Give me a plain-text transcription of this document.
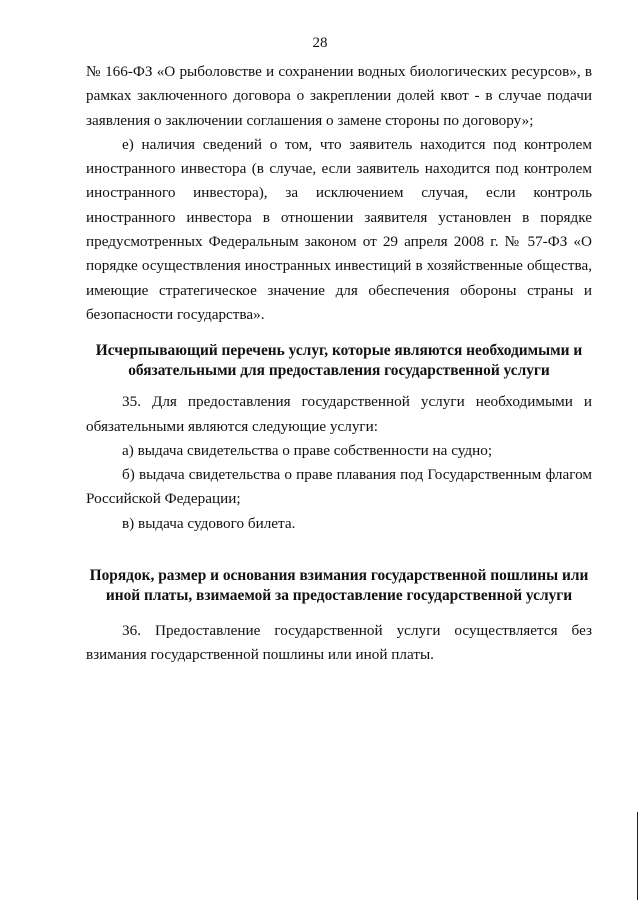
28

№ 166-ФЗ «О рыболовстве и сохранении водных биологических ресурсов», в рамках заключенного договора о закреплении долей квот - в случае подачи заявления о заключении соглашения о замене стороны по договору»;

е) наличия сведений о том, что заявитель находится под контролем иностранного инвестора (в случае, если заявитель находится под контролем иностранного инвестора), за исключением случая, если контроль иностранного инвестора в отношении заявителя установлен в порядке предусмотренных Федеральным законом от 29 апреля 2008 г. № 57-ФЗ «О порядке осуществления иностранных инвестиций в хозяйственные общества, имеющие стратегическое значение для обеспечения обороны страны и безопасности государства».

Исчерпывающий перечень услуг, которые являются необходимыми и обязательными для предоставления государственной услуги

35. Для предоставления государственной услуги необходимыми и обязательными являются следующие услуги:

а) выдача свидетельства о праве собственности на судно;

б) выдача свидетельства о праве плавания под Государственным флагом Российской Федерации;

в) выдача судового билета.

Порядок, размер и основания взимания государственной пошлины или иной платы, взимаемой за предоставление государственной услуги

36. Предоставление государственной услуги осуществляется без взимания государственной пошлины или иной платы.
